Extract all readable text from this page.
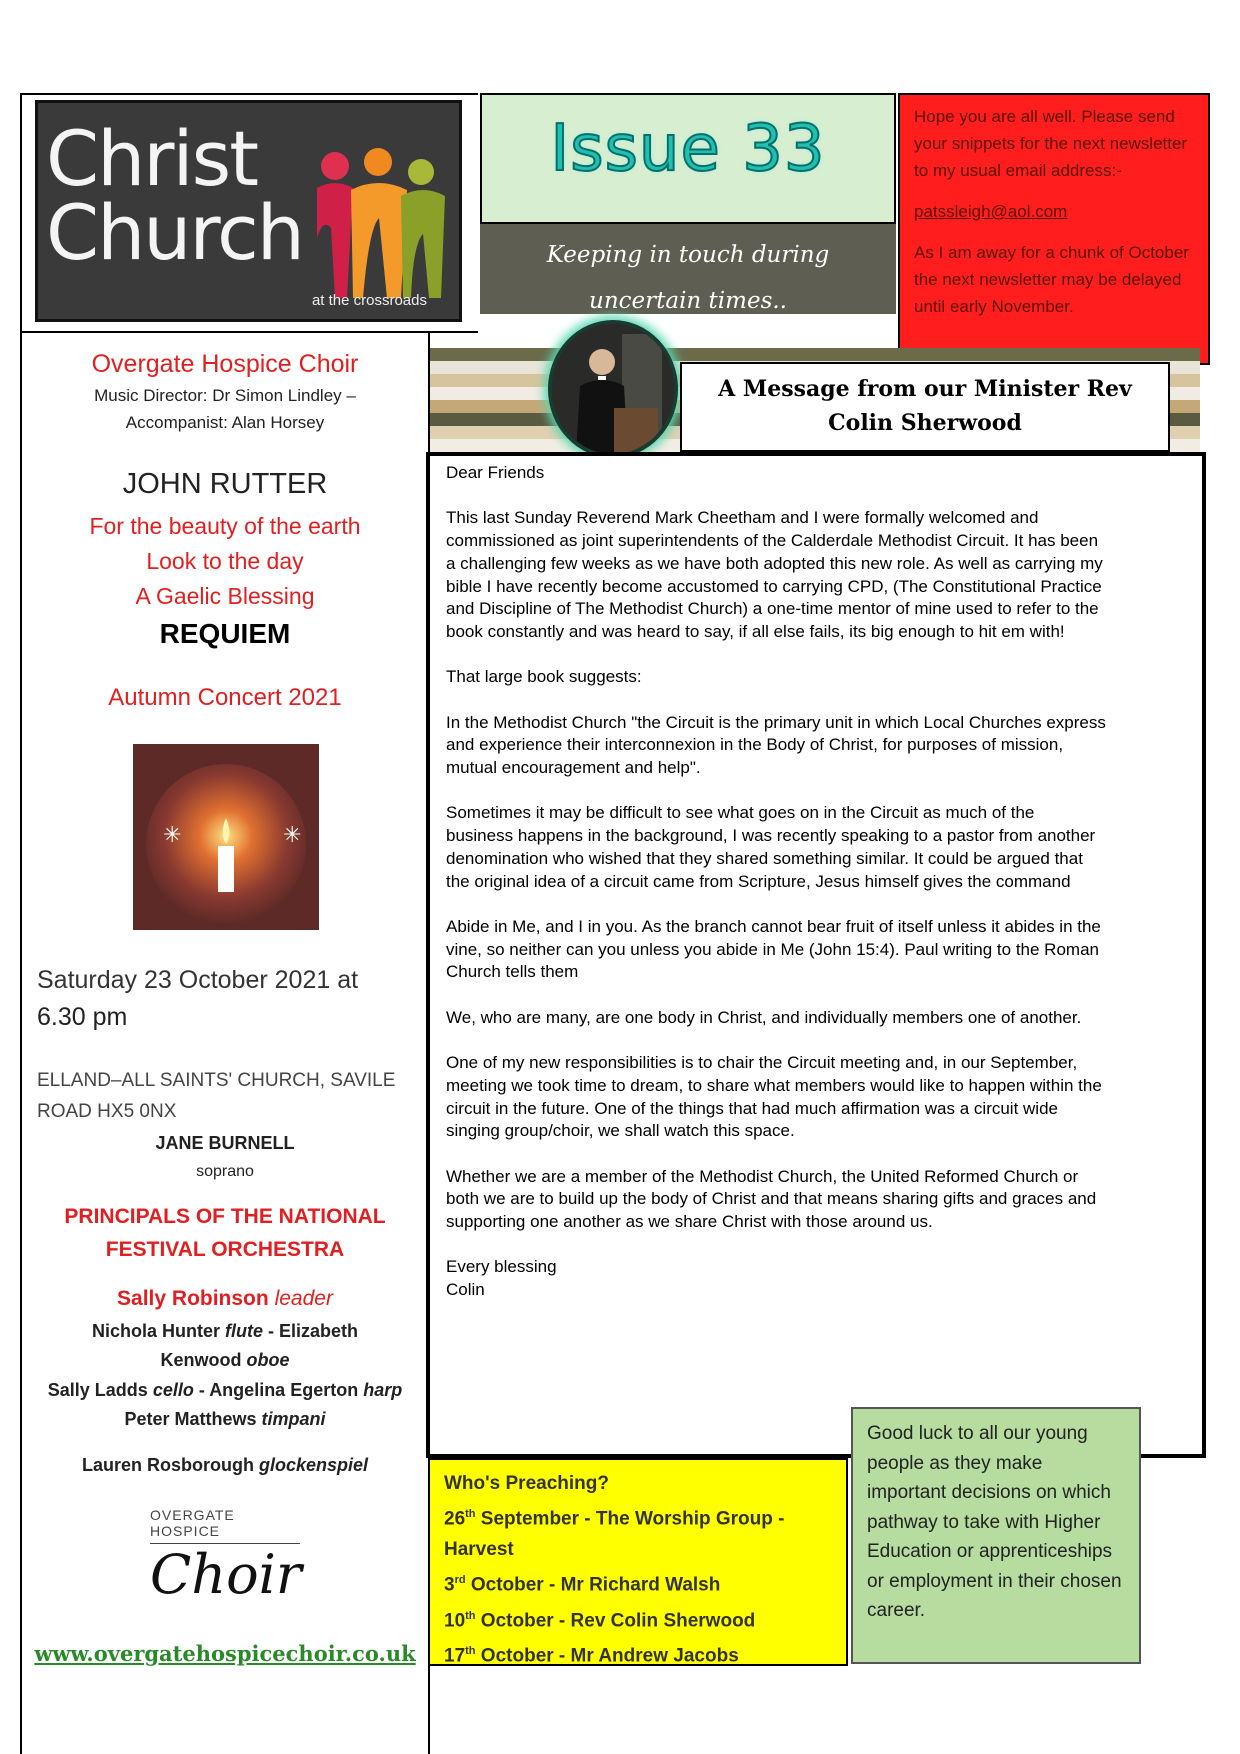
Christ
Church
at the crossroads
Issue 33
Keeping in touch during
uncertain times..

Hope you are all well. Please send your snippets for the next newsletter to my usual email address:-

patssleigh@aol.com

As I am away for a chunk of October the next newsletter may be delayed until early November.

A Message from our Minister Rev
Colin Sherwood

Dear Friends

This last Sunday Reverend Mark Cheetham and I were formally welcomed and commissioned as joint superintendents of the Calderdale Methodist Circuit. It has been a challenging few weeks as we have both adopted this new role. As well as carrying my bible I have recently become accustomed to carrying CPD, (The Constitutional Practice and Discipline of The Methodist Church) a one-time mentor of mine used to refer to the book constantly and was heard to say, if all else fails, its big enough to hit em with!

That large book suggests:

In the Methodist Church "the Circuit is the primary unit in which Local Churches express and experience their interconnexion in the Body of Christ, for purposes of mission, mutual encouragement and help".

Sometimes it may be difficult to see what goes on in the Circuit as much of the business happens in the background, I was recently speaking to a pastor from another denomination who wished that they shared something similar. It could be argued that the original idea of a circuit came from Scripture, Jesus himself gives the command

Abide in Me, and I in you. As the branch cannot bear fruit of itself unless it abides in the vine, so neither can you unless you abide in Me (John 15:4). Paul writing to the Roman Church tells them

We, who are many, are one body in Christ, and individually members one of another.

One of my new responsibilities is to chair the Circuit meeting and, in our September, meeting we took time to dream, to share what members would like to happen within the circuit in the future. One of the things that had much affirmation was a circuit wide singing group/choir, we shall watch this space.

Whether we are a member of the Methodist Church, the United Reformed Church or both we are to build up the body of Christ and that means sharing gifts and graces and supporting one another as we share Christ with those around us.

Every blessing

Colin

Who's Preaching?
26th September - The Worship Group -
Harvest
3rd October - Mr Richard Walsh
10th October - Rev Colin Sherwood
17th October - Mr Andrew Jacobs
Good luck to all our young people as they make important decisions on which pathway to take with Higher Education or apprenticeships or employment in their chosen career.
Overgate Hospice Choir
Music Director: Dr Simon Lindley –
Accompanist: Alan Horsey
JOHN RUTTER
For the beauty of the earth
Look to the day
A Gaelic Blessing
REQUIEM
Autumn Concert 2021
✳	✳
Saturday 23 October 2021 at
6.30 pm
ELLAND–ALL SAINTS' CHURCH, SAVILE
ROAD HX5 0NX
JANE BURNELL
soprano
PRINCIPALS OF THE NATIONAL
FESTIVAL ORCHESTRA
Sally Robinson leader
Nichola Hunter flute - Elizabeth
Kenwood oboe
Sally Ladds cello - Angelina Egerton harp
Peter Matthews timpani
Lauren Rosborough glockenspiel
OVERGATE
HOSPICE
Choir
www.overgatehospicechoir.co.uk
